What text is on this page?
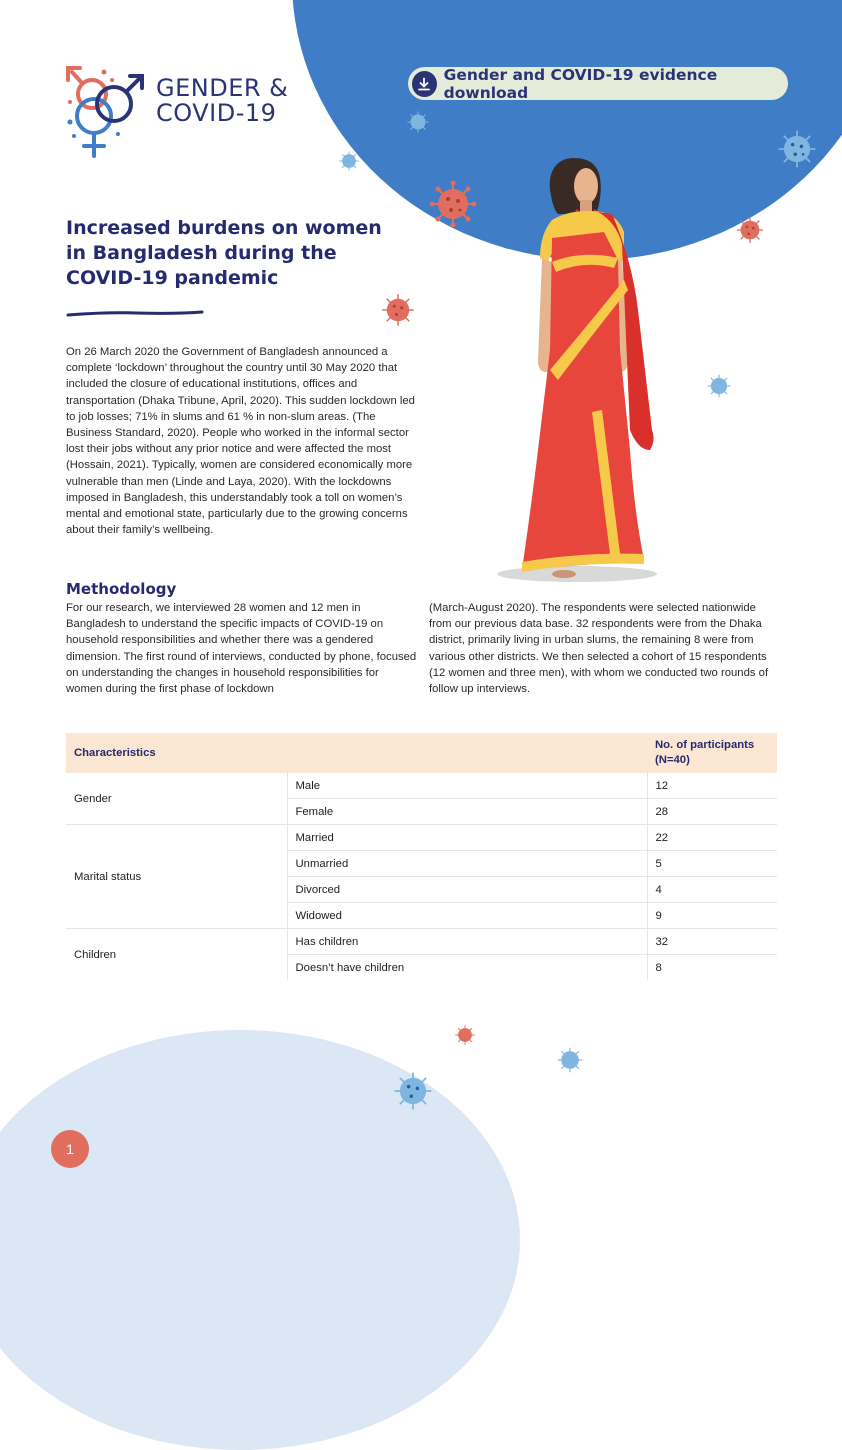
GENDER &
COVID-19
Gender and COVID-19 evidence download
Increased burdens on women in Bangladesh during the COVID-19 pandemic

On 26 March 2020 the Government of Bangladesh announced a complete ‘lockdown’ throughout the country until 30 May 2020 that included the closure of educational institutions, offices and transportation (Dhaka Tribune, April, 2020). This sudden lockdown led to job losses; 71% in slums and 61 % in non-slum areas. (The Business Standard, 2020). People who worked in the informal sector lost their jobs without any prior notice and were affected the most (Hossain, 2021). Typically, women are considered economically more vulnerable than men (Linde and Laya, 2020). With the lockdowns imposed in Bangladesh, this understandably took a toll on women’s mental and emotional state, particularly due to the growing concerns about their family’s wellbeing.

Methodology

For our research, we interviewed 28 women and 12 men in Bangladesh to understand the specific impacts of COVID-19 on household responsibilities and whether there was a gendered dimension. The first round of interviews, conducted by phone, focused on understanding the changes in household responsibilities for women during the first phase of lockdown

(March-August 2020). The respondents were selected nationwide from our previous data base. 32 respondents were from the Dhaka district, primarily living in urban slums, the remaining 8 were from various other districts. We then selected a cohort of 15 respondents (12 women and three men), with whom we conducted two rounds of follow up interviews.

Characteristics		No. of participants
(N=40)
Gender	Male	12
	Female	28
Marital status	Married	22
	Unmarried	5
	Divorced	4
	Widowed	9
Children	Has children	32
	Doesn’t have children	8
1
